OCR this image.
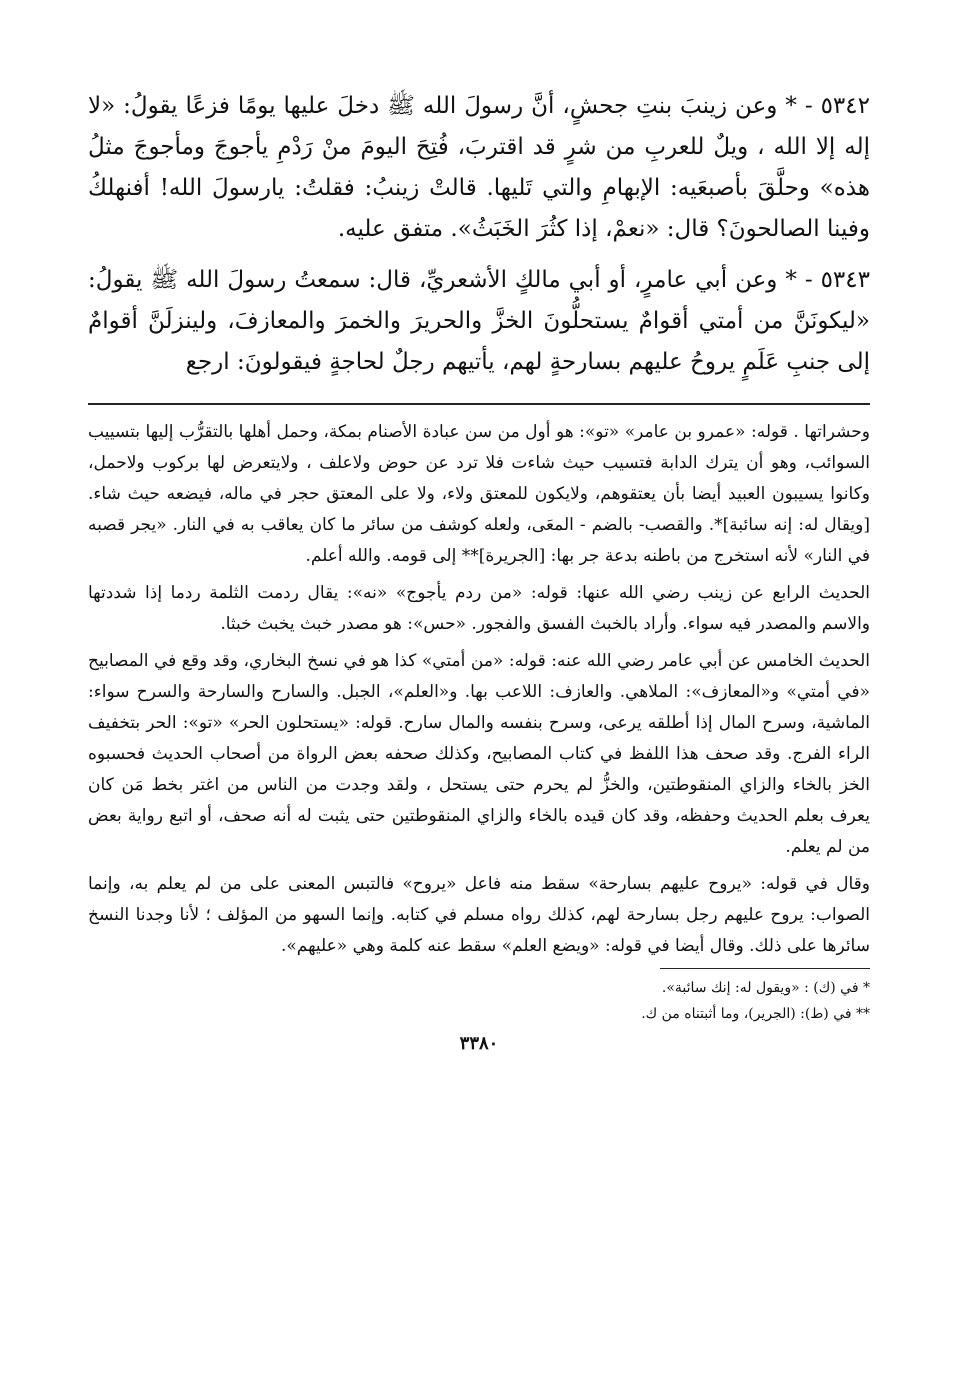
٥٣٤٢ - * وعن زينبَ بنتِ جحشٍ، أنَّ رسولَ الله ﷺ دخلَ عليها يومًا فزعًا يقولُ: «لا إله إلا الله ، ويلٌ للعربِ من شرٍ قد اقتربَ، فُتِحَ اليومَ منْ رَدْمِ يأجوجَ ومأجوجَ مثلُ هذه» وحلَّقَ بأصبعَيه: الإبهامِ والتي تَليها. قالتْ زينبُ: فقلتُ: يارسولَ الله! أفنهلكُ وفينا الصالحونَ؟ قال: «نعمْ، إذا كثُرَ الخَبَثُ». متفق عليه.

٥٣٤٣ - * وعن أبي عامرٍ، أو أبي مالكٍ الأشعريِّ، قال: سمعتُ رسولَ الله ﷺ يقولُ: «ليكونَنَّ من أمتي أقوامٌ يستحلُّونَ الخزَّ والحريرَ والخمرَ والمعازفَ، ولينزلَنَّ أقوامٌ إلى جنبِ عَلَمٍ يروحُ عليهم بسارحةٍ لهم، يأتيهم رجلٌ لحاجةٍ فيقولونَ: ارجع

وحشراتها . قوله: «عمرو بن عامر» «تو»: هو أول من سن عبادة الأصنام بمكة، وحمل أهلها بالتقرُّب إليها بتسييب السوائب، وهو أن يترك الدابة فتسيب حيث شاءت فلا ترد عن حوض ولاعلف ، ولايتعرض لها بركوب ولاحمل، وكانوا يسيبون العبيد أيضا بأن يعتقوهم، ولايكون للمعتق ولاء، ولا على المعتق حجر في ماله، فيضعه حيث شاء. [ويقال له: إنه سائبة]*. والقصب- بالضم - المعَى، ولعله كوشف من سائر ما كان يعاقب به في النار. «يجر قصبه في النار» لأنه استخرج من باطنه بدعة جر بها: [الجريرة]** إلى قومه. والله أعلم.

الحديث الرابع عن زينب رضي الله عنها: قوله: «من ردم يأجوج» «نه»: يقال ردمت الثلمة ردما إذا شددتها والاسم والمصدر فيه سواء. وأراد بالخبث الفسق والفجور. «حس»: هو مصدر خبث يخبث خبثا.

الحديث الخامس عن أبي عامر رضي الله عنه: قوله: «من أمتي» كذا هو في نسخ البخاري، وقد وقع في المصابيح «في أمتي» و«المعازف»: الملاهي. والعازف: اللاعب بها. و«العلم»، الجبل. والسارح والسارحة والسرح سواء: الماشية، وسرح المال إذا أطلقه يرعى، وسرح بنفسه والمال سارح. قوله: «يستحلون الحر» «تو»: الحر بتخفيف الراء الفرج. وقد صحف هذا اللفظ في كتاب المصابيح، وكذلك صحفه بعض الرواة من أصحاب الحديث فحسبوه الخز بالخاء والزاي المنقوطتين، والخزُّ لم يحرم حتى يستحل ، ولقد وجدت من الناس من اغتر بخط مَن كان يعرف بعلم الحديث وحفظه، وقد كان قيده بالخاء والزاي المنقوطتين حتى يثبت له أنه صحف، أو اتبع رواية بعض من لم يعلم.

وقال في قوله: «يروح عليهم بسارحة» سقط منه فاعل «يروح» فالتبس المعنى على من لم يعلم به، وإنما الصواب: يروح عليهم رجل بسارحة لهم، كذلك رواه مسلم في كتابه. وإنما السهو من المؤلف ؛ لأنا وجدنا النسخ سائرها على ذلك. وقال أيضا في قوله: «ويضع العلم» سقط عنه كلمة وهي «عليهم».

* في (ك) : «ويقول له: إنك سائبة».

** في (ط): (الجرير)، وما أثبتناه من ك.

٣٣٨٠
